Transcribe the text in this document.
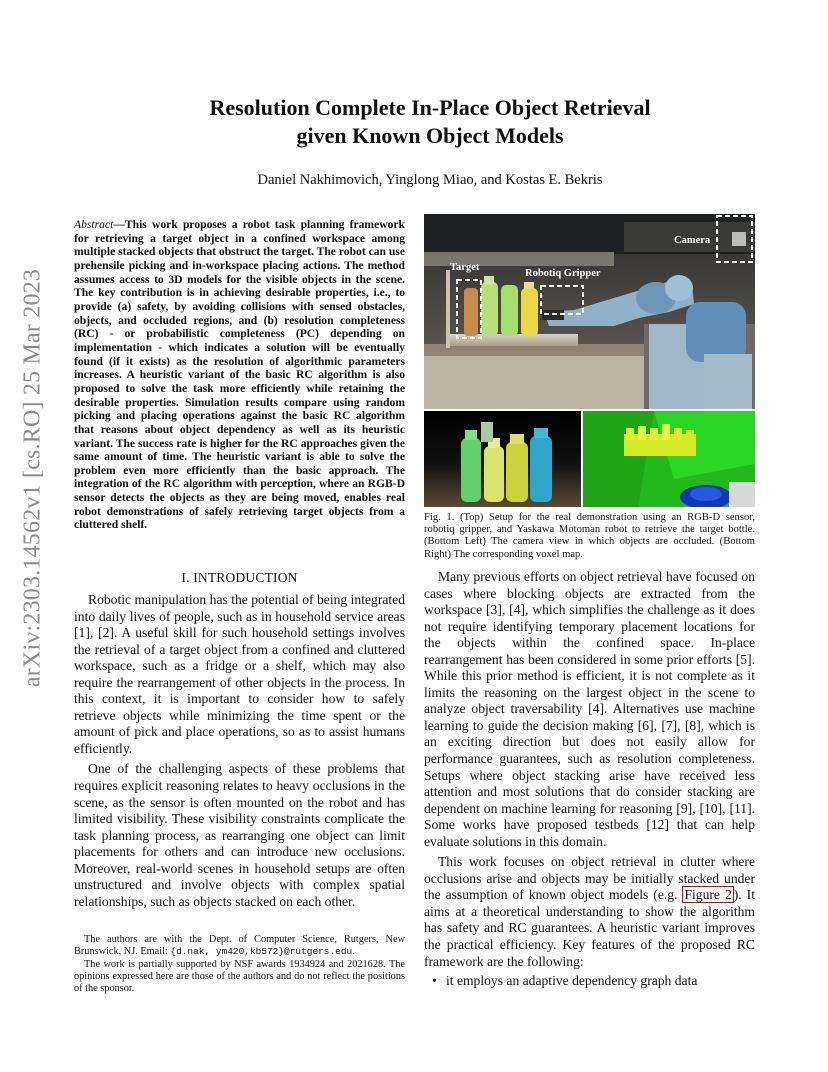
arXiv:2303.14562v1 [cs.RO] 25 Mar 2023
Resolution Complete In-Place Object Retrieval
given Known Object Models
Daniel Nakhimovich, Yinglong Miao, and Kostas E. Bekris
Abstract—This work proposes a robot task planning framework for retrieving a target object in a confined workspace among multiple stacked objects that obstruct the target. The robot can use prehensile picking and in-workspace placing actions. The method assumes access to 3D models for the visible objects in the scene. The key contribution is in achieving desirable properties, i.e., to provide (a) safety, by avoiding collisions with sensed obstacles, objects, and occluded regions, and (b) resolution completeness (RC) - or probabilistic completeness (PC) depending on implementation - which indicates a solution will be eventually found (if it exists) as the resolution of algorithmic parameters increases. A heuristic variant of the basic RC algorithm is also proposed to solve the task more efficiently while retaining the desirable properties. Simulation results compare using random picking and placing operations against the basic RC algorithm that reasons about object dependency as well as its heuristic variant. The success rate is higher for the RC approaches given the same amount of time. The heuristic variant is able to solve the problem even more efficiently than the basic approach. The integration of the RC algorithm with perception, where an RGB-D sensor detects the objects as they are being moved, enables real robot demonstrations of safely retrieving target objects from a cluttered shelf.
I. INTRODUCTION

Robotic manipulation has the potential of being integrated into daily lives of people, such as in household service areas [1], [2]. A useful skill for such household settings involves the retrieval of a target object from a confined and cluttered workspace, such as a fridge or a shelf, which may also require the rearrangement of other objects in the process. In this context, it is important to consider how to safely retrieve objects while minimizing the time spent or the amount of pick and place operations, so as to assist humans efficiently.

One of the challenging aspects of these problems that requires explicit reasoning relates to heavy occlusions in the scene, as the sensor is often mounted on the robot and has limited visibility. These visibility constraints complicate the task planning process, as rearranging one object can limit placements for others and can introduce new occlusions. Moreover, real-world scenes in household setups are often unstructured and involve objects with complex spatial relationships, such as objects stacked on each other.

The authors are with the Dept. of Computer Science, Rutgers, New Brunswick, NJ. Email: {d.nak, ym420,kb572}@rutgers.edu.

The work is partially supported by NSF awards 1934924 and 2021628. The opinions expressed here are those of the authors and do not reflect the positions of the sponsor.

Target
Robotiq Gripper
Camera
Fig. 1. (Top) Setup for the real demonstration using an RGB-D sensor, robotiq gripper, and Yaskawa Motoman robot to retrieve the target bottle. (Bottom Left) The camera view in which objects are occluded. (Bottom Right) The corresponding voxel map.

Many previous efforts on object retrieval have focused on cases where blocking objects are extracted from the workspace [3], [4], which simplifies the challenge as it does not require identifying temporary placement locations for the objects within the confined space. In-place rearrangement has been considered in some prior efforts [5]. While this prior method is efficient, it is not complete as it limits the reasoning on the largest object in the scene to analyze object traversability [4]. Alternatives use machine learning to guide the decision making [6], [7], [8], which is an exciting direction but does not easily allow for performance guarantees, such as resolution completeness. Setups where object stacking arise have received less attention and most solutions that do consider stacking are dependent on machine learning for reasoning [9], [10], [11]. Some works have proposed testbeds [12] that can help evaluate solutions in this domain.

This work focuses on object retrieval in clutter where occlusions arise and objects may be initially stacked under the assumption of known object models (e.g. Figure 2 ). It aims at a theoretical understanding to show the algorithm has safety and RC guarantees. A heuristic variant improves the practical efficiency. Key features of the proposed RC framework are the following:

• it employs an adaptive dependency graph data
